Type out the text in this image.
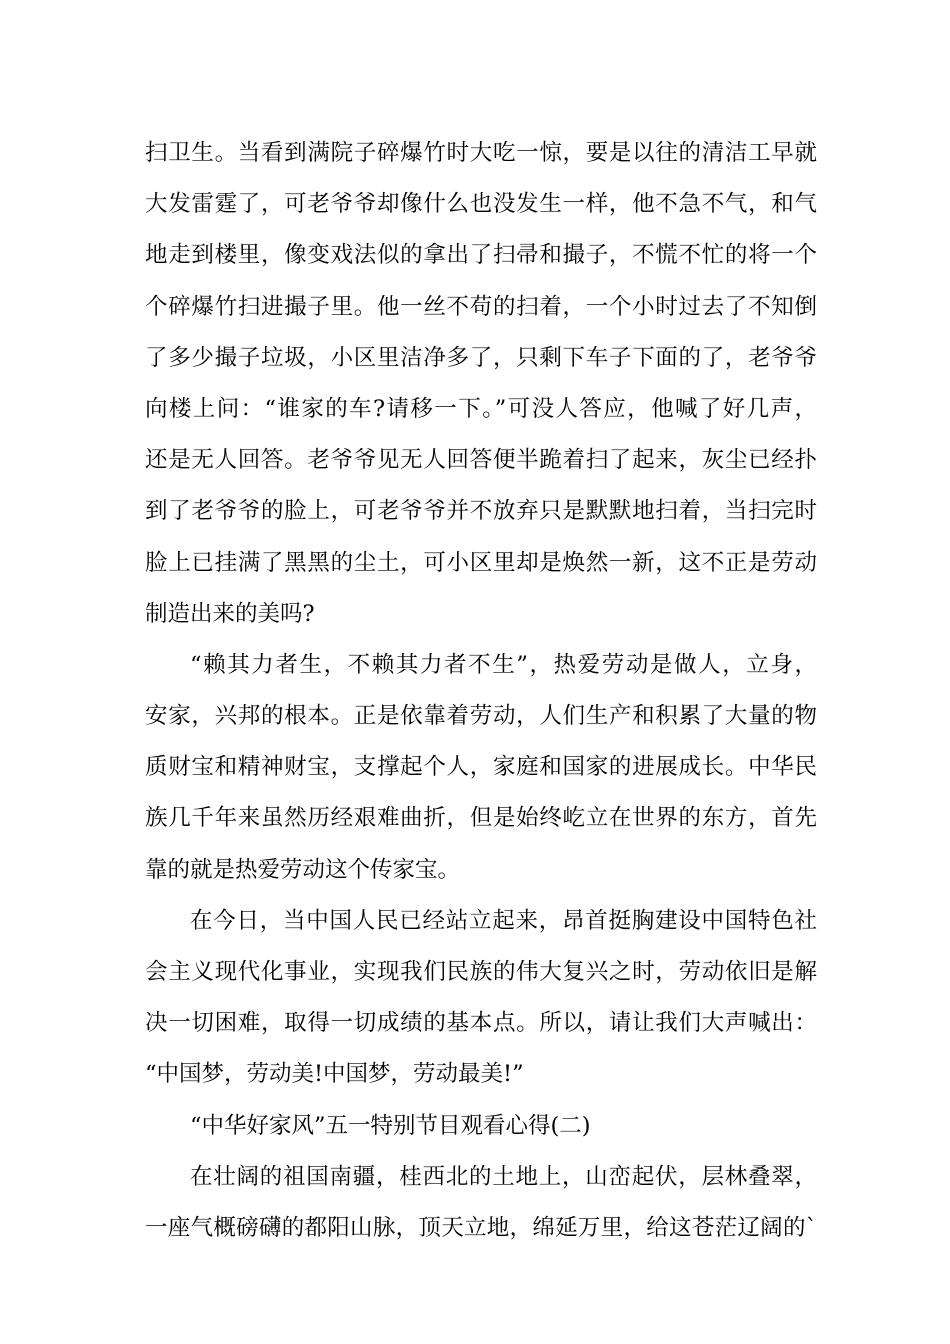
扫卫生。当看到满院子碎爆竹时大吃一惊，要是以往的清洁工早就
大发雷霆了，可老爷爷却像什么也没发生一样，他不急不气，和气
地走到楼里，像变戏法似的拿出了扫帚和撮子，不慌不忙的将一个
个碎爆竹扫进撮子里。他一丝不苟的扫着，一个小时过去了不知倒
了多少撮子垃圾，小区里洁净多了，只剩下车子下面的了，老爷爷
向楼上问：“谁家的车?请移一下。”可没人答应，他喊了好几声，
还是无人回答。老爷爷见无人回答便半跪着扫了起来，灰尘已经扑
到了老爷爷的脸上，可老爷爷并不放弃只是默默地扫着，当扫完时
脸上已挂满了黑黑的尘土，可小区里却是焕然一新，这不正是劳动
制造出来的美吗?
“赖其力者生，不赖其力者不生”，热爱劳动是做人，立身，
安家，兴邦的根本。正是依靠着劳动，人们生产和积累了大量的物
质财宝和精神财宝，支撑起个人，家庭和国家的进展成长。中华民
族几千年来虽然历经艰难曲折，但是始终屹立在世界的东方，首先
靠的就是热爱劳动这个传家宝。
在今日，当中国人民已经站立起来，昂首挺胸建设中国特色社
会主义现代化事业，实现我们民族的伟大复兴之时，劳动依旧是解
决一切困难，取得一切成绩的基本点。所以，请让我们大声喊出：
“中国梦，劳动美!中国梦，劳动最美!”
“中华好家风”五一特别节目观看心得(二)
在壮阔的祖国南疆，桂西北的土地上，山峦起伏，层林叠翠，
一座气概磅礴的都阳山脉，顶天立地，绵延万里，给这苍茫辽阔的`
